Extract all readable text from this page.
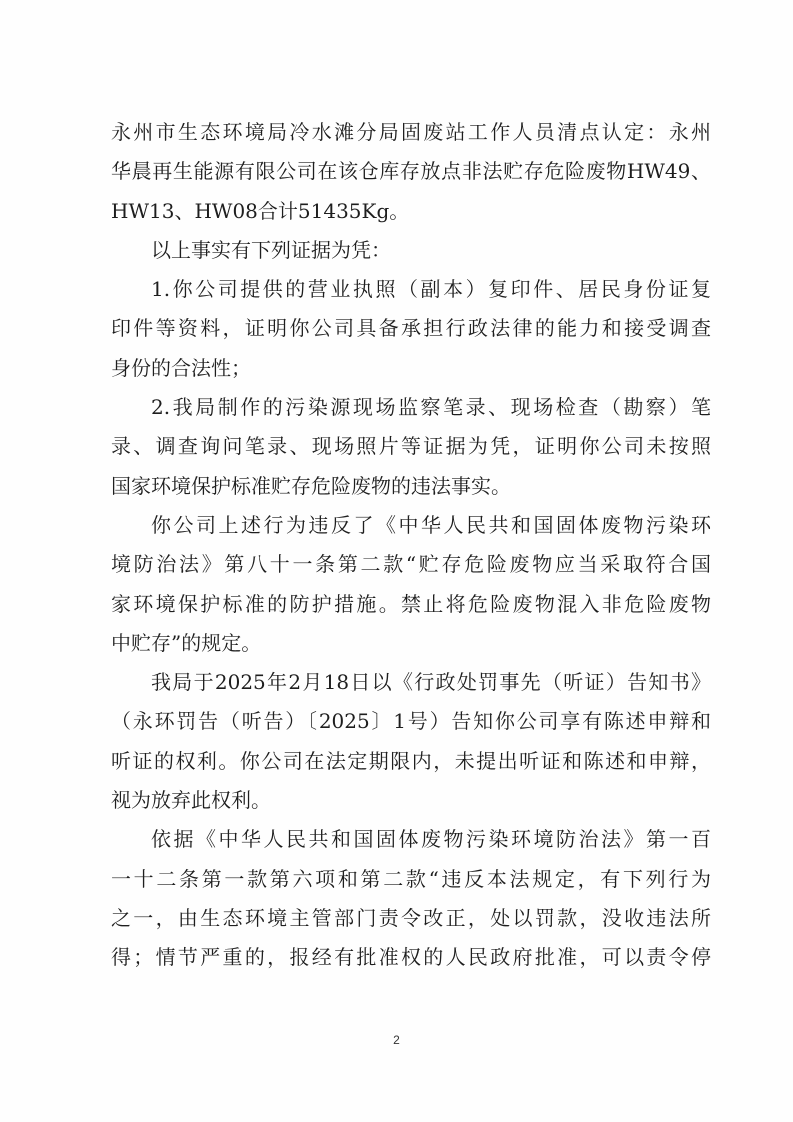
永州市生态环境局冷水滩分局固废站工作人员清点认定：永州
华晨再生能源有限公司在该仓库存放点非法贮存危险废物HW49、
HW13、HW08合计51435Kg。
以上事实有下列证据为凭：
1.你公司提供的营业执照（副本）复印件、居民身份证复
印件等资料，证明你公司具备承担行政法律的能力和接受调查
身份的合法性；
2.我局制作的污染源现场监察笔录、现场检查（勘察）笔
录、调查询问笔录、现场照片等证据为凭，证明你公司未按照
国家环境保护标准贮存危险废物的违法事实。
你公司上述行为违反了《中华人民共和国固体废物污染环
境防治法》第八十一条第二款“贮存危险废物应当采取符合国
家环境保护标准的防护措施。禁止将危险废物混入非危险废物
中贮存”的规定。
我局于2025年2月18日以《行政处罚事先（听证）告知书》
（永环罚告（听告）〔2025〕1号）告知你公司享有陈述申辩和
听证的权利。你公司在法定期限内，未提出听证和陈述和申辩，
视为放弃此权利。
依据《中华人民共和国固体废物污染环境防治法》第一百
一十二条第一款第六项和第二款“违反本法规定，有下列行为
之一，由生态环境主管部门责令改正，处以罚款，没收违法所
得；情节严重的，报经有批准权的人民政府批准，可以责令停
2
